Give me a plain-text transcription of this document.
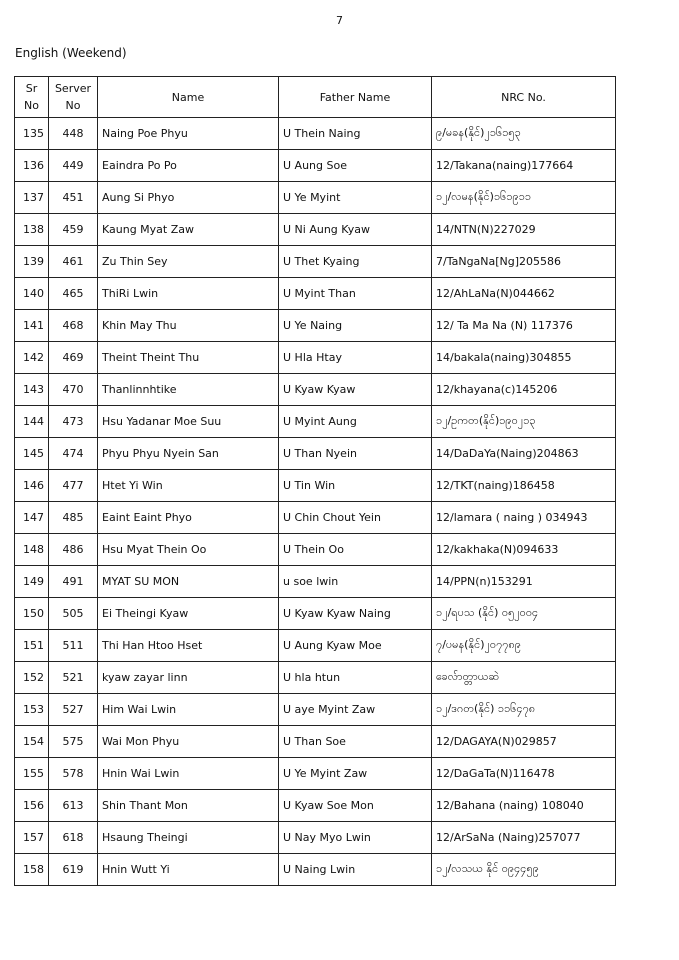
7
English (Weekend)
Sr No	Server No	Name	Father Name	NRC No.
135	448	Naing Poe Phyu	U Thein Naing	၉/မခန(နိုင်)၂၁၆၁၅၃
136	449	Eaindra Po Po	U Aung Soe	12/Takana(naing)177664
137	451	Aung Si Phyo	U Ye Myint	၁၂/လမန(နိုင်)၁၆၁၉၁၁
138	459	Kaung Myat Zaw	U Ni Aung Kyaw	14/NTN(N)227029
139	461	Zu Thin Sey	U Thet Kyaing	7/TaNgaNa[Ng]205586
140	465	ThiRi Lwin	U Myint Than	12/AhLaNa(N)044662
141	468	Khin May Thu	U Ye Naing	12/ Ta Ma Na (N) 117376
142	469	Theint Theint Thu	U Hla Htay	14/bakala(naing)304855
143	470	Thanlinnhtike	U Kyaw Kyaw	12/khayana(c)145206
144	473	Hsu Yadanar Moe Suu	U Myint Aung	၁၂/ဥကတ(နိုင်)၁၉၀၂၁၃
145	474	Phyu Phyu Nyein San	U Than Nyein	14/DaDaYa(Naing)204863
146	477	Htet Yi Win	U Tin Win	12/TKT(naing)186458
147	485	Eaint Eaint Phyo	U Chin Chout Yein	12/lamara ( naing ) 034943
148	486	Hsu Myat Thein Oo	U Thein Oo	12/kakhaka(N)094633
149	491	MYAT SU MON	u soe lwin	14/PPN(n)153291
150	505	Ei Theingi Kyaw	U Kyaw Kyaw Naing	၁၂/ရပသ (နိုင်) ၀၅၂၀၀၄
151	511	Thi Han Htoo Hset	U Aung Kyaw Moe	၇/ပမန(နိုင်)၂၀၇၇၈၉
152	521	kyaw zayar linn	U hla htun	ခေလ်ာတ္တာယဆဲ
153	527	Him Wai Lwin	U aye Myint Zaw	၁၂/ဒဂတ(နိုင်) ၁၁၆၄၇၈
154	575	Wai Mon Phyu	U Than Soe	12/DAGAYA(N)029857
155	578	Hnin Wai Lwin	U Ye Myint Zaw	12/DaGaTa(N)116478
156	613	Shin Thant Mon	U Kyaw Soe Mon	12/Bahana (naing) 108040
157	618	Hsaung Theingi	U Nay Myo Lwin	12/ArSaNa (Naing)257077
158	619	Hnin Wutt Yi	U Naing Lwin	၁၂/လသယ နိုင် ၀၉၄၄၅၉
